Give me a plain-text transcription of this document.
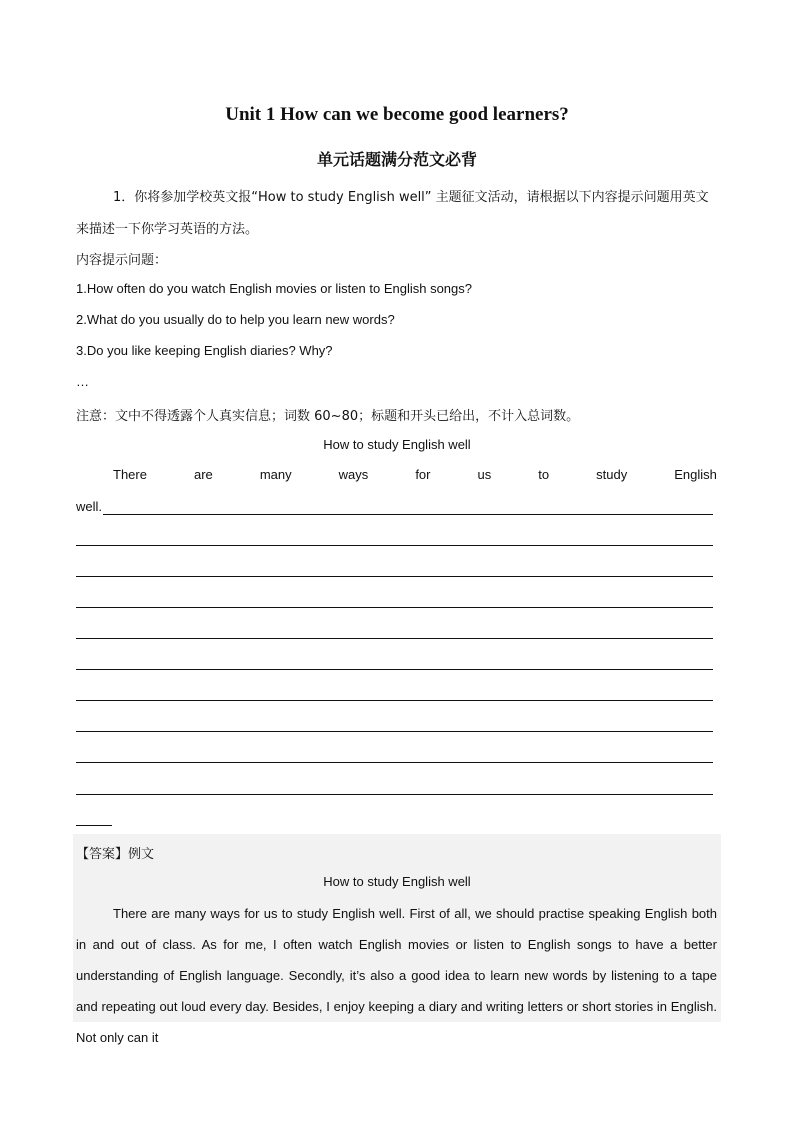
Unit 1 How can we become good learners?
单元话题满分范文必背
1．你将参加学校英文报“How to study English well” 主题征文活动，请根据以下内容提示问题用英文
来描述一下你学习英语的方法。
内容提示问题：
1.How often do you watch English movies or listen to English songs?
2.What do you usually do to help you learn new words?
3.Do you like keeping English diaries? Why?
…
注意：文中不得透露个人真实信息；词数 60~80；标题和开头已给出，不计入总词数。
How to study English well
There	are	many	ways	for	us	to	study	English
well.
【答案】例文
How to study English well
There are many ways for us to study English well. First of all, we should practise speaking English both in and out of class. As for me, I often watch English movies or listen to English songs to have a better understanding of English language. Secondly, it’s also a good idea to learn new words by listening to a tape and repeating out loud every day. Besides, I enjoy keeping a diary and writing letters or short stories in English. Not only can it
